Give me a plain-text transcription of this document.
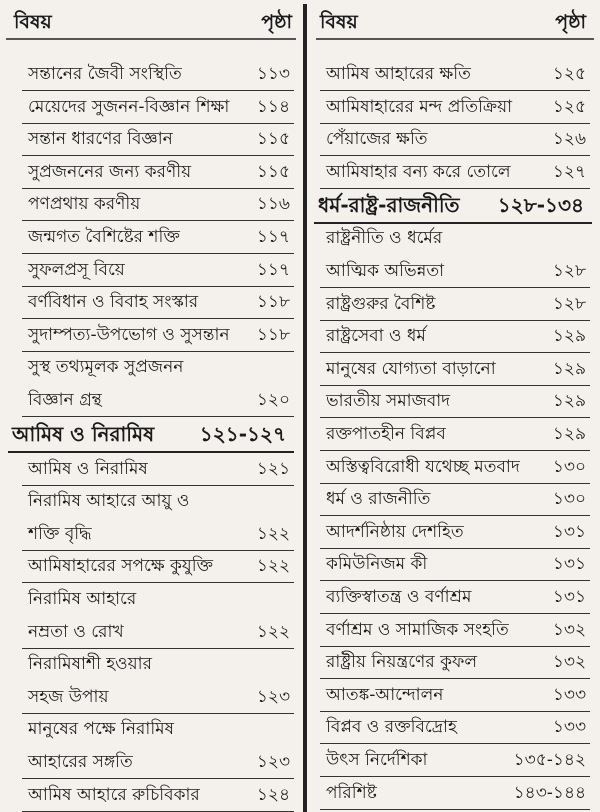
বিষয়	পৃষ্ঠা
সন্তানের জৈবী সংস্থিতি	১১৩
মেয়েদের সুজনন-বিজ্ঞান শিক্ষা ১১৪
সন্তান ধারণের বিজ্ঞান	১১৫
সুপ্রজননের জন্য করণীয়	১১৫
পণপ্রথায় করণীয়	১১৬
জন্মগত বৈশিষ্টের শক্তি	১১৭
সুফলপ্রসূ বিয়ে	১১৭
বর্ণবিধান ও বিবাহ সংস্কার	১১৮
সুদাম্পত্য-উপভোগ ও সুসন্তান ১১৮
সুস্থ তথ্যমূলক সুপ্রজনন
বিজ্ঞান গ্রন্থ	১২০
আমিষ ও নিরামিষ ১২১-১২৭
আমিষ ও নিরামিষ	১২১
নিরামিষ আহারে আয়ু ও
শক্তি বৃদ্ধি	১২২
আমিষাহারের সপক্ষে কুযুক্তি	১২২
নিরামিষ আহারে
নম্রতা ও রোখ	১২২
নিরামিষাশী হওয়ার
সহজ উপায়	১২৩
মানুষের পক্ষে নিরামিষ
আহারের সঙ্গতি	১২৩
আমিষ আহারে রুচিবিকার	১২৪
বিষয়	পৃষ্ঠা
আমিষ আহারের ক্ষতি	১২৫
আমিষাহারের মন্দ প্রতিক্রিয়া ১২৫
পেঁয়াজের ক্ষতি	১২৬
আমিষাহার বন্য করে তোলে ১২৭
ধর্ম-রাষ্ট্র-রাজনীতি ১২৮-১৩৪
রাষ্ট্রনীতি ও ধর্মের
আত্মিক অভিন্নতা	১২৮
রাষ্ট্রগুরুর বৈশিষ্ট	১২৮
রাষ্ট্রসেবা ও ধর্ম	১২৯
মানুষের যোগ্যতা বাড়ানো	১২৯
ভারতীয় সমাজবাদ	১২৯
রক্তপাতহীন বিপ্লব	১২৯
অস্তিত্ববিরোধী যথেচ্ছ মতবাদ ১৩০
ধর্ম ও রাজনীতি	১৩০
আদর্শনিষ্ঠায় দেশহিত	১৩১
কমিউনিজম কী	১৩১
ব্যক্তিস্বাতন্ত্র ও বর্ণাশ্রম	১৩১
বর্ণাশ্রম ও সামাজিক সংহতি	১৩২
রাষ্ট্রীয় নিয়ন্ত্রণের কুফল	১৩২
আতঙ্ক-আন্দোলন	১৩৩
বিপ্লব ও রক্তবিদ্রোহ	১৩৩
উৎস নির্দেশিকা	১৩৫-১৪২
পরিশিষ্ট	১৪৩-১৪৪
